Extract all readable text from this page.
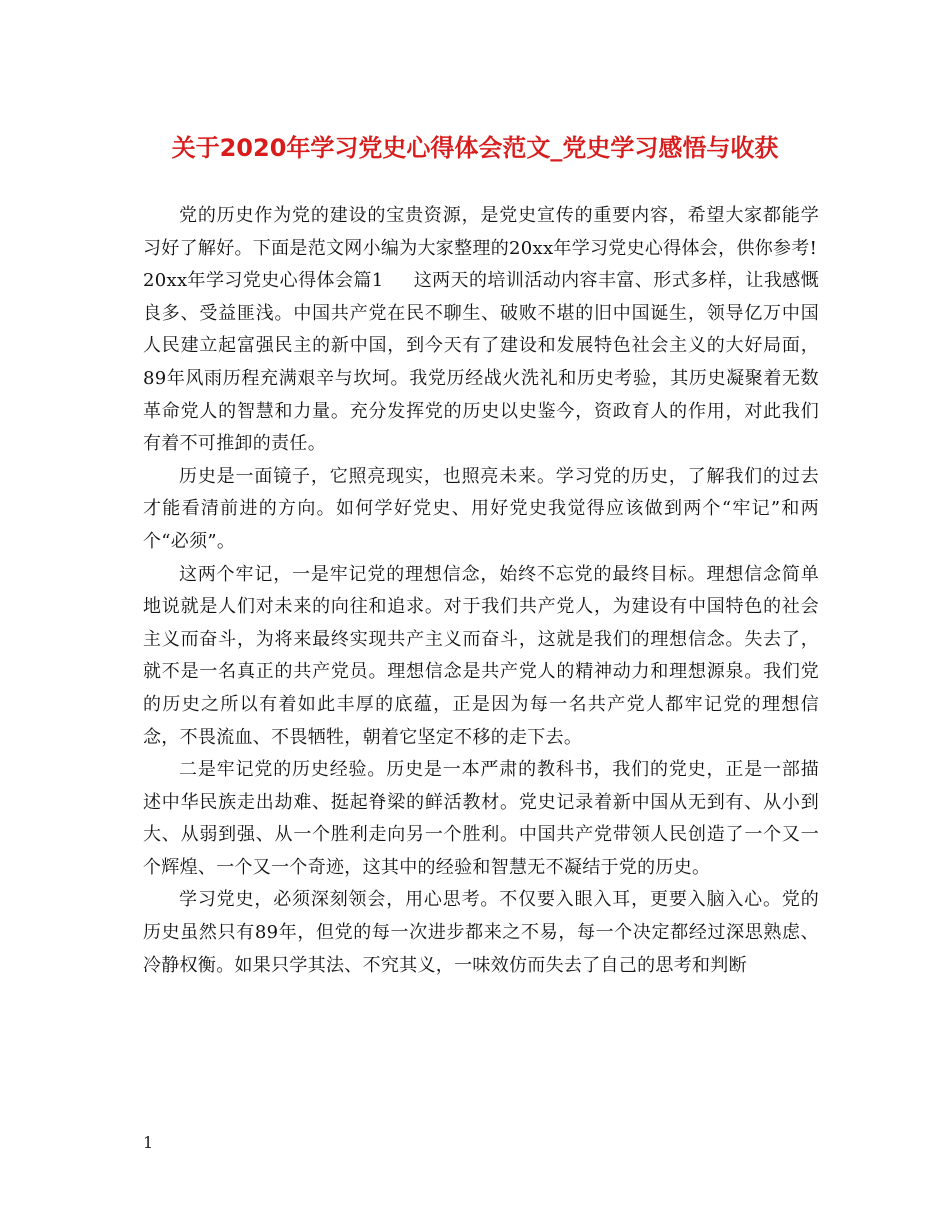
关于2020年学习党史心得体会范文_党史学习感悟与收获

党的历史作为党的建设的宝贵资源，是党史宣传的重要内容，希望大家都能学习好了解好。下面是范文网小编为大家整理的20xx年学习党史心得体会，供你参考!

20xx年学习党史心得体会篇1 这两天的培训活动内容丰富、形式多样，让我感慨良多、受益匪浅。中国共产党在民不聊生、破败不堪的旧中国诞生，领导亿万中国人民建立起富强民主的新中国，到今天有了建设和发展特色社会主义的大好局面，89年风雨历程充满艰辛与坎坷。我党历经战火洗礼和历史考验，其历史凝聚着无数革命党人的智慧和力量。充分发挥党的历史以史鉴今，资政育人的作用，对此我们有着不可推卸的责任。

历史是一面镜子，它照亮现实，也照亮未来。学习党的历史，了解我们的过去才能看清前进的方向。如何学好党史、用好党史我觉得应该做到两个“牢记”和两个“必须”。

这两个牢记，一是牢记党的理想信念，始终不忘党的最终目标。理想信念简单地说就是人们对未来的向往和追求。对于我们共产党人，为建设有中国特色的社会主义而奋斗，为将来最终实现共产主义而奋斗，这就是我们的理想信念。失去了，就不是一名真正的共产党员。理想信念是共产党人的精神动力和理想源泉。我们党的历史之所以有着如此丰厚的底蕴，正是因为每一名共产党人都牢记党的理想信念，不畏流血、不畏牺牲，朝着它坚定不移的走下去。

二是牢记党的历史经验。历史是一本严肃的教科书，我们的党史，正是一部描述中华民族走出劫难、挺起脊梁的鲜活教材。党史记录着新中国从无到有、从小到大、从弱到强、从一个胜利走向另一个胜利。中国共产党带领人民创造了一个又一个辉煌、一个又一个奇迹，这其中的经验和智慧无不凝结于党的历史。

学习党史，必须深刻领会，用心思考。不仅要入眼入耳，更要入脑入心。党的历史虽然只有89年，但党的每一次进步都来之不易，每一个决定都经过深思熟虑、冷静权衡。如果只学其法、不究其义，一味效仿而失去了自己的思考和判断

1
